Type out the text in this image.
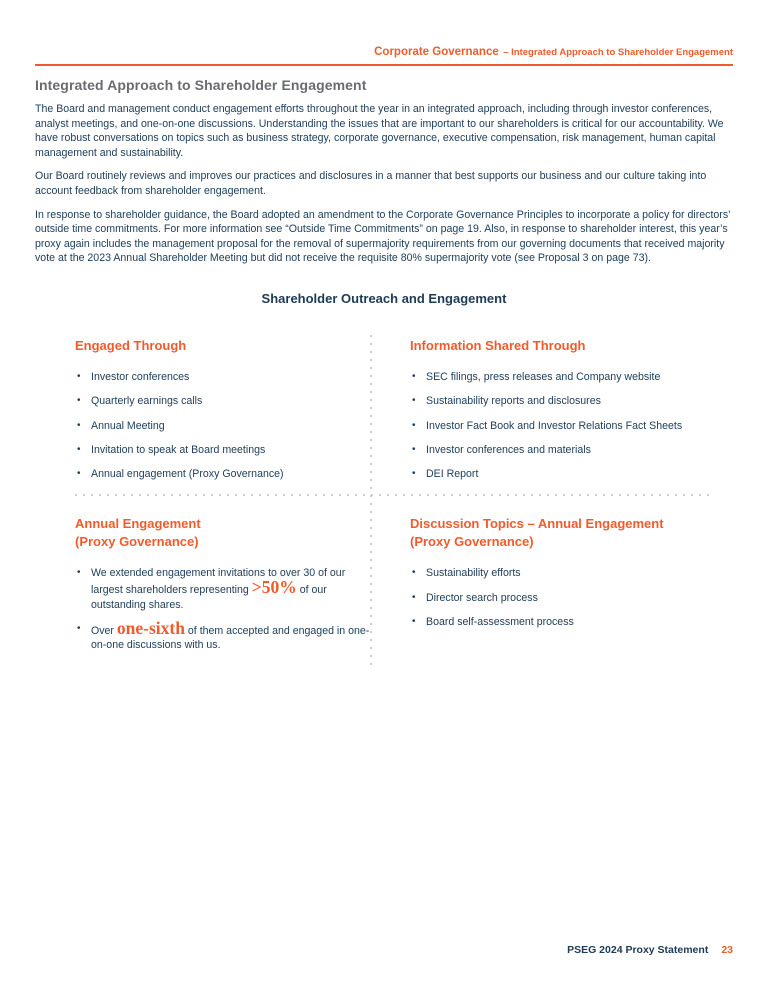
Corporate Governance – Integrated Approach to Shareholder Engagement
Integrated Approach to Shareholder Engagement

The Board and management conduct engagement efforts throughout the year in an integrated approach, including through investor conferences, analyst meetings, and one-on-one discussions. Understanding the issues that are important to our shareholders is critical for our accountability. We have robust conversations on topics such as business strategy, corporate governance, executive compensation, risk management, human capital management and sustainability.

Our Board routinely reviews and improves our practices and disclosures in a manner that best supports our business and our culture taking into account feedback from shareholder engagement.

In response to shareholder guidance, the Board adopted an amendment to the Corporate Governance Principles to incorporate a policy for directors’ outside time commitments. For more information see “Outside Time Commitments” on page 19. Also, in response to shareholder interest, this year’s proxy again includes the management proposal for the removal of supermajority requirements from our governing documents that received majority vote at the 2023 Annual Shareholder Meeting but did not receive the requisite 80% supermajority vote (see Proposal 3 on page 73).

Shareholder Outreach and Engagement
Engaged Through
• Investor conferences
• Quarterly earnings calls
• Annual Meeting
• Invitation to speak at Board meetings
• Annual engagement (Proxy Governance)
Information Shared Through
• SEC filings, press releases and Company website
• Sustainability reports and disclosures
• Investor Fact Book and Investor Relations Fact Sheets
• Investor conferences and materials
• DEI Report
Annual Engagement
(Proxy Governance)
• We extended engagement invitations to over 30 of our largest shareholders representing >50% of our outstanding shares.
• Over one-sixth of them accepted and engaged in one-on-one discussions with us.
Discussion Topics – Annual Engagement
(Proxy Governance)
• Sustainability efforts
• Director search process
• Board self-assessment process
PSEG 2024 Proxy Statement 23
